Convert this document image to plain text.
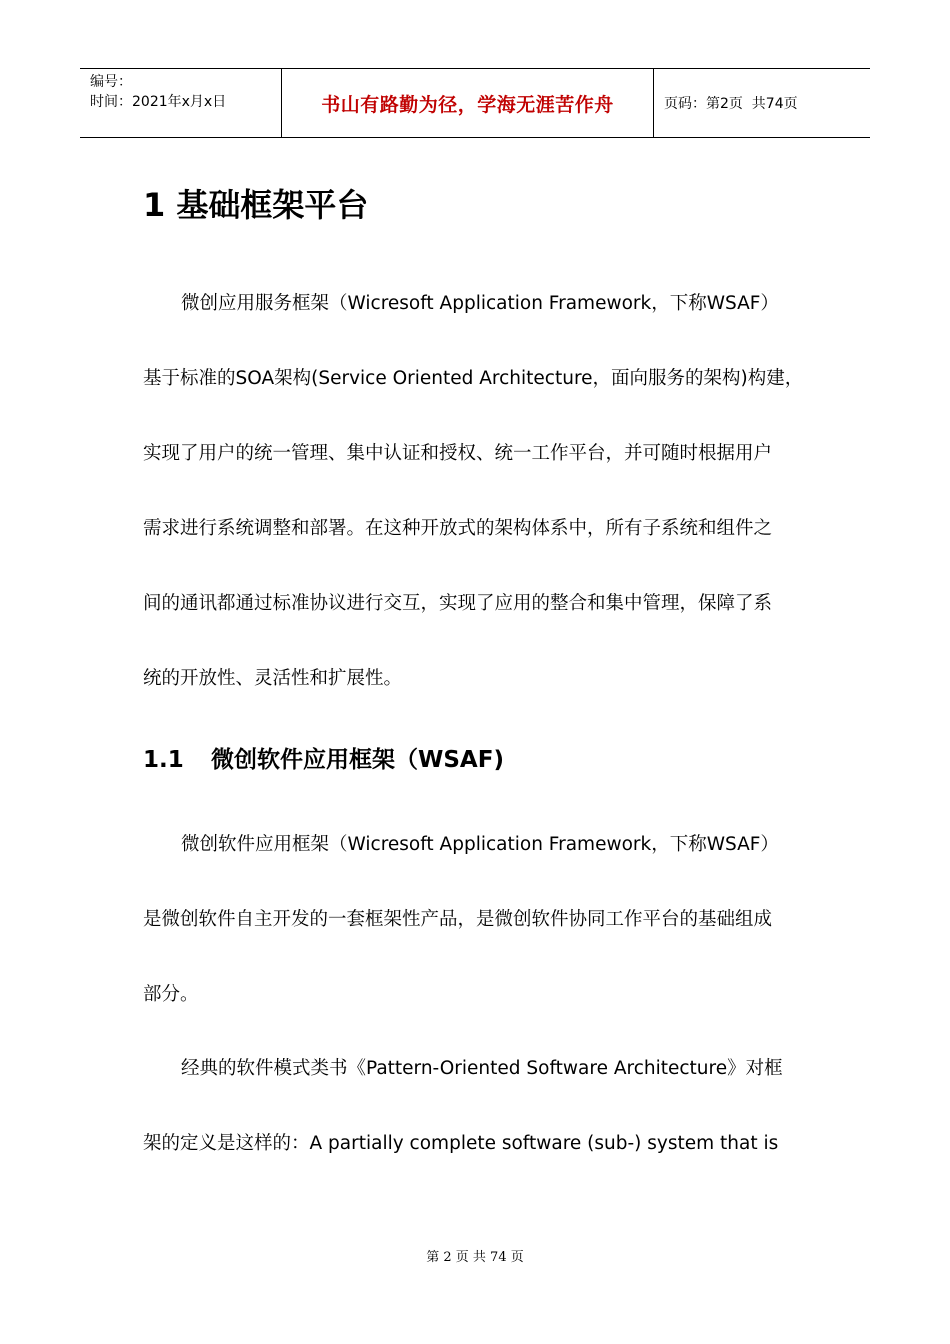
编号：
时间：2021年x月x日	书山有路勤为径，学海无涯苦作舟	页码：第2页  共74页
1 基础框架平台
微创应用服务框架（Wicresoft Application Framework，下称WSAF）
基于标准的SOA架构(Service Oriented Architecture，面向服务的架构)构建，
实现了用户的统一管理、集中认证和授权、统一工作平台，并可随时根据用户
需求进行系统调整和部署。在这种开放式的架构体系中，所有子系统和组件之
间的通讯都通过标准协议进行交互，实现了应用的整合和集中管理，保障了系
统的开放性、灵活性和扩展性。
1.1 微创软件应用框架（WSAF)
微创软件应用框架（Wicresoft Application Framework，下称WSAF）
是微创软件自主开发的一套框架性产品，是微创软件协同工作平台的基础组成
部分。
经典的软件模式类书《Pattern-Oriented Software Architecture》对框
架的定义是这样的：A partially complete software (sub-) system that is
第 2 页 共 74 页
